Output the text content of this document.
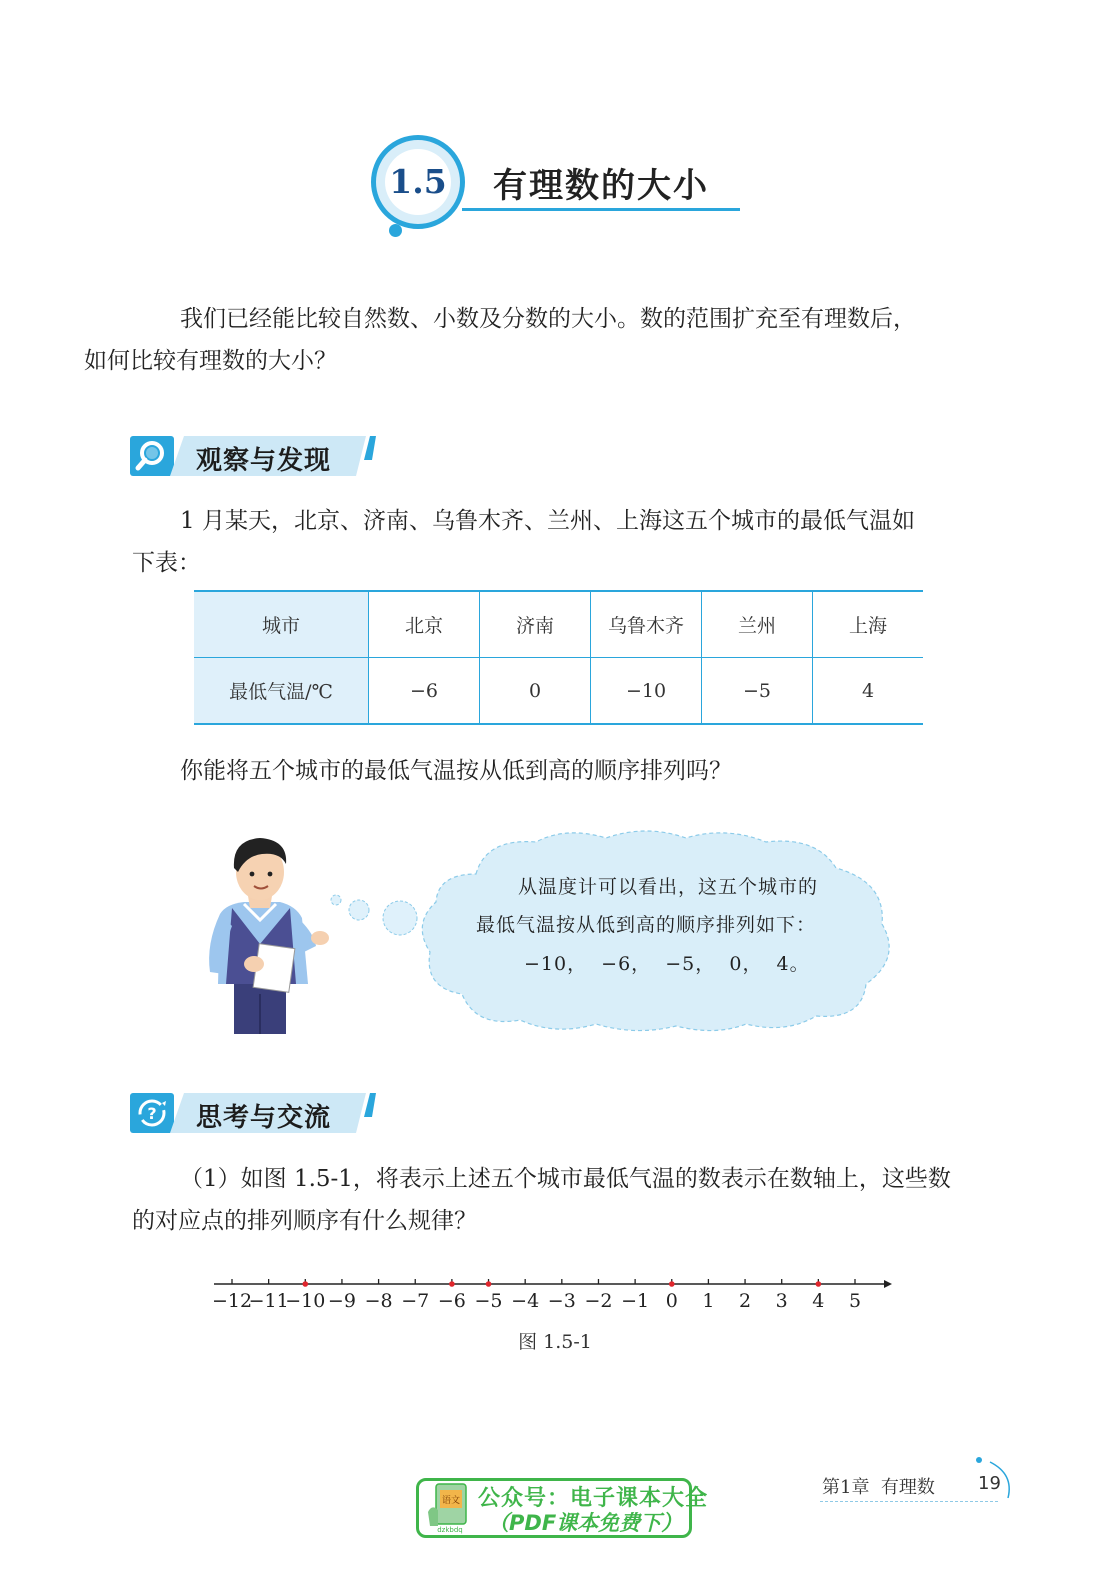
1.5	有理数的大小
我们已经能比较自然数、小数及分数的大小。数的范围扩充至有理数后，
如何比较有理数的大小？
观察与发现
1 月某天，北京、济南、乌鲁木齐、兰州、上海这五个城市的最低气温如
下表：
城市	北京	济南	乌鲁木齐	兰州	上海
最低气温/℃	−6	0	−10	−5	4
你能将五个城市的最低气温按从低到高的顺序排列吗？
从温度计可以看出，这五个城市的
最低气温按从低到高的顺序排列如下：
−10，  −6，  −5，  0，  4。
? 思考与交流
（1）如图 1.5-1，将表示上述五个城市最低气温的数表示在数轴上，这些数
的对应点的排列顺序有什么规律？
−12
−11
−10 −9 −8 −7 −6 −5 −4 −3 −2 −1 0 1 2 3 4 5
图 1.5-1
第1章  有理数 19
语文
dzkbdq
公众号：电子课本大全
（PDF课本免费下）
